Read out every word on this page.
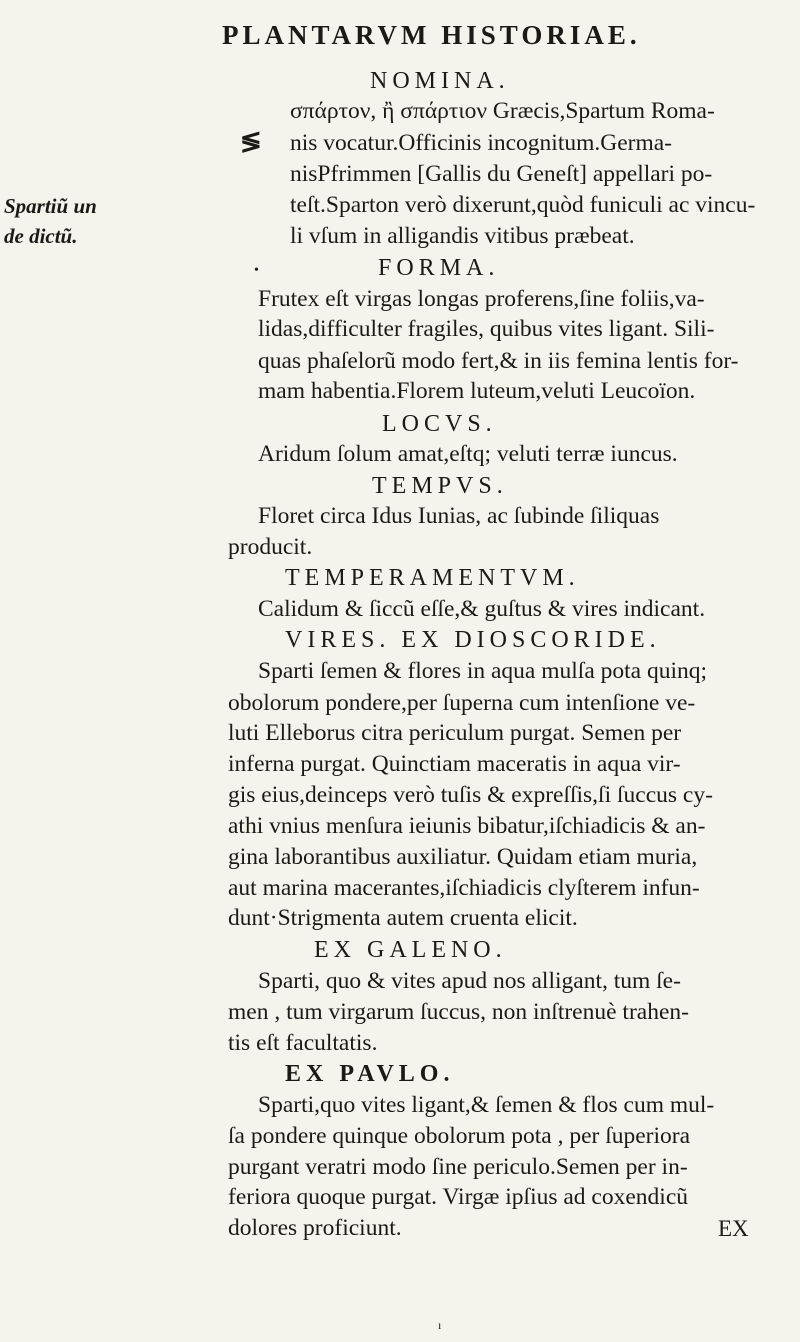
PLANTARVM HISTORIAE.
NOMINA.
σπάρτον, ἢ σπάρτιον Græcis,Spartum Roma-
≶ nis vocatur.Officinis incognitum.Germa-
nisPfrimmen [Gallis du Geneſt] appellari po-
Spartiũ un	teſt.Sparton verò dixerunt,quòd funiculi ac vincu-
de dictũ.	li vſum in alligandis vitibus præbeat.
•	FORMA.
Frutex eſt virgas longas proferens,ſine foliis,va-
lidas,difficulter fragiles, quibus vites ligant. Sili-
quas phaſelorũ modo fert,& in iis femina lentis for-
mam habentia.Florem luteum,veluti Leucoïon.
LOCVS.
Aridum ſolum amat,eſtq; veluti terræ iuncus.
TEMPVS.
Floret circa Idus Iunias, ac ſubinde ſiliquas
producit.
TEMPERAMENTVM.
Calidum & ſiccũ eſſe,& guſtus & vires indicant.
VIRES. EX DIOSCORIDE.
Sparti ſemen & flores in aqua mulſa pota quinq;
obolorum pondere,per ſuperna cum intenſione ve-
luti Elleborus citra periculum purgat. Semen per
inferna purgat. Quinctiam maceratis in aqua vir-
gis eius,deinceps verò tuſis & expreſſis,ſi ſuccus cy-
athi vnius menſura ieiunis bibatur,iſchiadicis & an-
gina laborantibus auxiliatur. Quidam etiam muria,
aut marina macerantes,iſchiadicis clyſterem infun-
dunt·Strigmenta autem cruenta elicit.
EX GALENO.
Sparti, quo & vites apud nos alligant, tum ſe-
men , tum virgarum ſuccus, non inſtrenuè trahen-
tis eſt facultatis.
EX PAVLO.
Sparti,quo vites ligant,& ſemen & flos cum mul-
ſa pondere quinque obolorum pota , per ſuperiora
purgant veratri modo ſine periculo.Semen per in-
feriora quoque purgat. Virgæ ipſius ad coxendicũ
dolores proficiunt.	EX
ı
